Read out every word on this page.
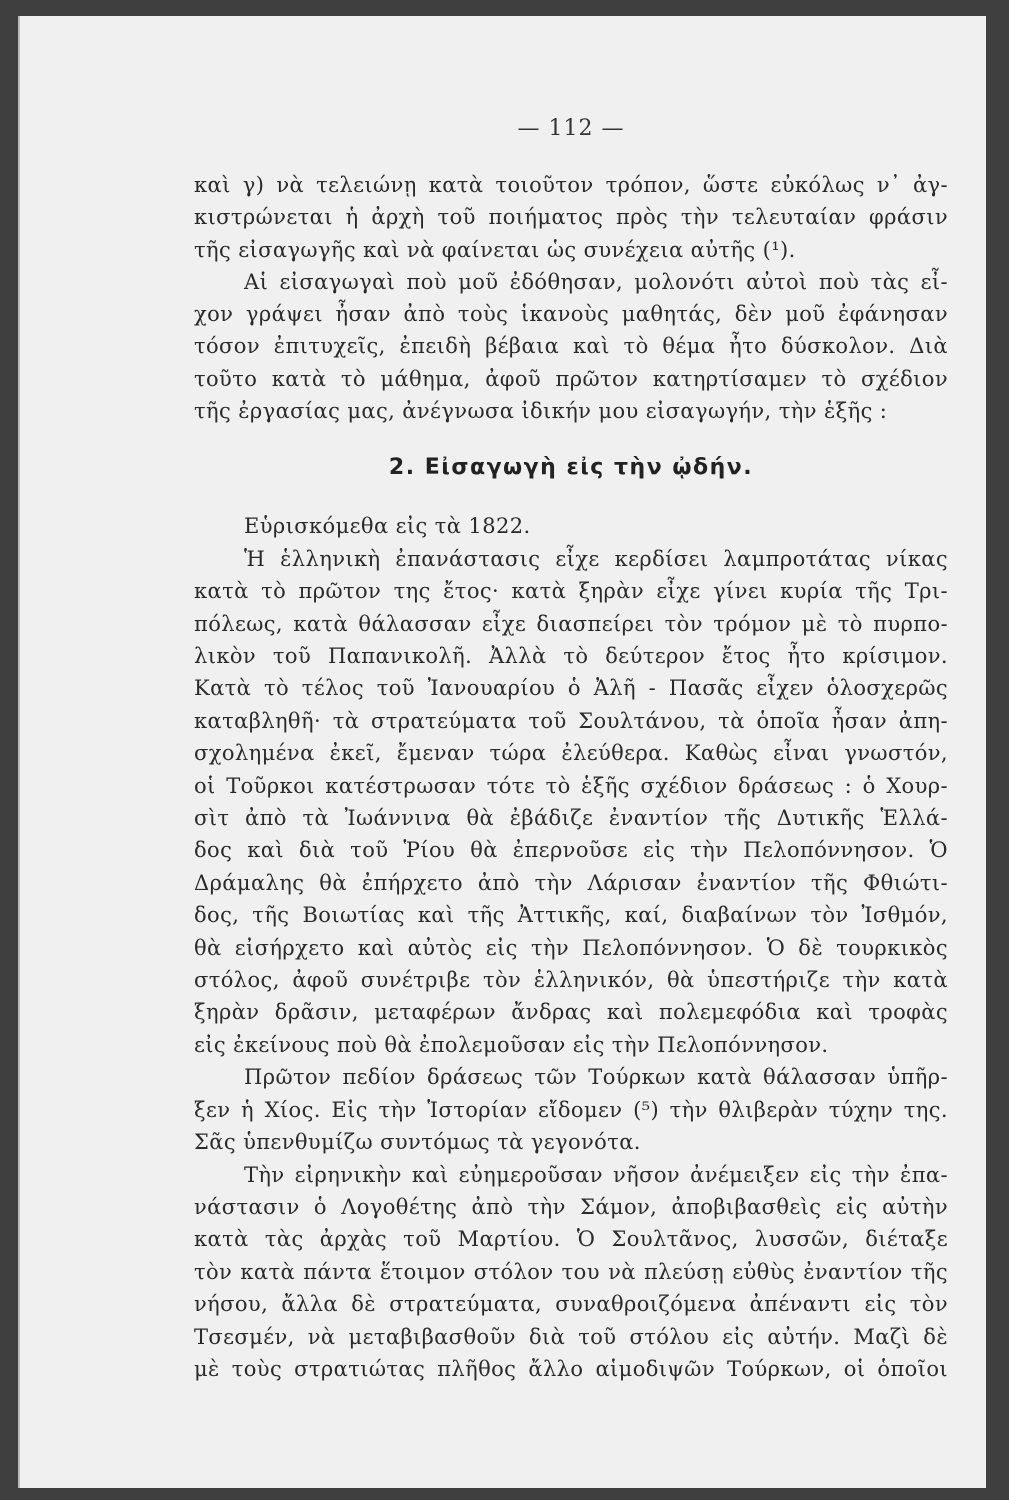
— 112 —

καὶ γ) νὰ τελειώνῃ κατὰ τοιοῦτον τρόπον, ὥστε εὐκόλως ν᾽ ἀγ-

κιστρώνεται ἡ ἀρχὴ τοῦ ποιήματος πρὸς τὴν τελευταίαν φράσιν

τῆς εἰσαγωγῆς καὶ νὰ φαίνεται ὡς συνέχεια αὐτῆς (¹).

Αἱ εἰσαγωγαὶ ποὺ μοῦ ἐδόθησαν, μολονότι αὐτοὶ ποὺ τὰς εἶ-

χον γράψει ἦσαν ἀπὸ τοὺς ἱκανοὺς μαθητάς, δὲν μοῦ ἐφάνησαν

τόσον ἐπιτυχεῖς, ἐπειδὴ βέβαια καὶ τὸ θέμα ἦτο δύσκολον. Διὰ

τοῦτο κατὰ τὸ μάθημα, ἀφοῦ πρῶτον κατηρτίσαμεν τὸ σχέδιον

τῆς ἐργασίας μας, ἀνέγνωσα ἰδικήν μου εἰσαγωγήν, τὴν ἑξῆς :

2. Εἰσαγωγὴ εἰς τὴν ᾠδήν.

Εὑρισκόμεθα εἰς τὰ 1822.

Ἡ ἑλληνικὴ ἐπανάστασις εἶχε κερδίσει λαμπροτάτας νίκας

κατὰ τὸ πρῶτον της ἔτος· κατὰ ξηρὰν εἶχε γίνει κυρία τῆς Τρι-

πόλεως, κατὰ θάλασσαν εἶχε διασπείρει τὸν τρόμον μὲ τὸ πυρπο-

λικὸν τοῦ Παπανικολῆ. Ἀλλὰ τὸ δεύτερον ἔτος ἦτο κρίσιμον.

Κατὰ τὸ τέλος τοῦ Ἰανουαρίου ὁ Ἀλῆ - Πασᾶς εἶχεν ὁλοσχερῶς

καταβληθῆ· τὰ στρατεύματα τοῦ Σουλτάνου, τὰ ὁποῖα ἦσαν ἀπη-

σχολημένα ἐκεῖ, ἔμεναν τώρα ἐλεύθερα. Καθὼς εἶναι γνωστόν,

οἱ Τοῦρκοι κατέστρωσαν τότε τὸ ἑξῆς σχέδιον δράσεως : ὁ Χουρ-

σὶτ ἀπὸ τὰ Ἰωάννινα θὰ ἐβάδιζε ἐναντίον τῆς Δυτικῆς Ἑλλά-

δος καὶ διὰ τοῦ Ῥίου θὰ ἐπερνοῦσε εἰς τὴν Πελοπόννησον. Ὁ

Δράμαλης θὰ ἐπήρχετο ἀπὸ τὴν Λάρισαν ἐναντίον τῆς Φθιώτι-

δος, τῆς Βοιωτίας καὶ τῆς Ἀττικῆς, καί, διαβαίνων τὸν Ἰσθμόν,

θὰ εἰσήρχετο καὶ αὐτὸς εἰς τὴν Πελοπόννησον. Ὁ δὲ τουρκικὸς

στόλος, ἀφοῦ συνέτριβε τὸν ἑλληνικόν, θὰ ὑπεστήριζε τὴν κατὰ

ξηρὰν δρᾶσιν, μεταφέρων ἄνδρας καὶ πολεμεφόδια καὶ τροφὰς

εἰς ἐκείνους ποὺ θὰ ἐπολεμοῦσαν εἰς τὴν Πελοπόννησον.

Πρῶτον πεδίον δράσεως τῶν Τούρκων κατὰ θάλασσαν ὑπῆρ-

ξεν ἡ Χίος. Εἰς τὴν Ἱστορίαν εἴδομεν (⁵) τὴν θλιβερὰν τύχην της.

Σᾶς ὑπενθυμίζω συντόμως τὰ γεγονότα.

Τὴν εἰρηνικὴν καὶ εὐημεροῦσαν νῆσον ἀνέμειξεν εἰς τὴν ἐπα-

νάστασιν ὁ Λογοθέτης ἀπὸ τὴν Σάμον, ἀποβιβασθεὶς εἰς αὐτὴν

κατὰ τὰς ἀρχὰς τοῦ Μαρτίου. Ὁ Σουλτᾶνος, λυσσῶν, διέταξε

τὸν κατὰ πάντα ἕτοιμον στόλον του νὰ πλεύσῃ εὐθὺς ἐναντίον τῆς

νήσου, ἄλλα δὲ στρατεύματα, συναθροιζόμενα ἀπέναντι εἰς τὸν

Τσεσμέν, νὰ μεταβιβασθοῦν διὰ τοῦ στόλου εἰς αὐτήν. Μαζὶ δὲ

μὲ τοὺς στρατιώτας πλῆθος ἄλλο αἱμοδιψῶν Τούρκων, οἱ ὁποῖοι
